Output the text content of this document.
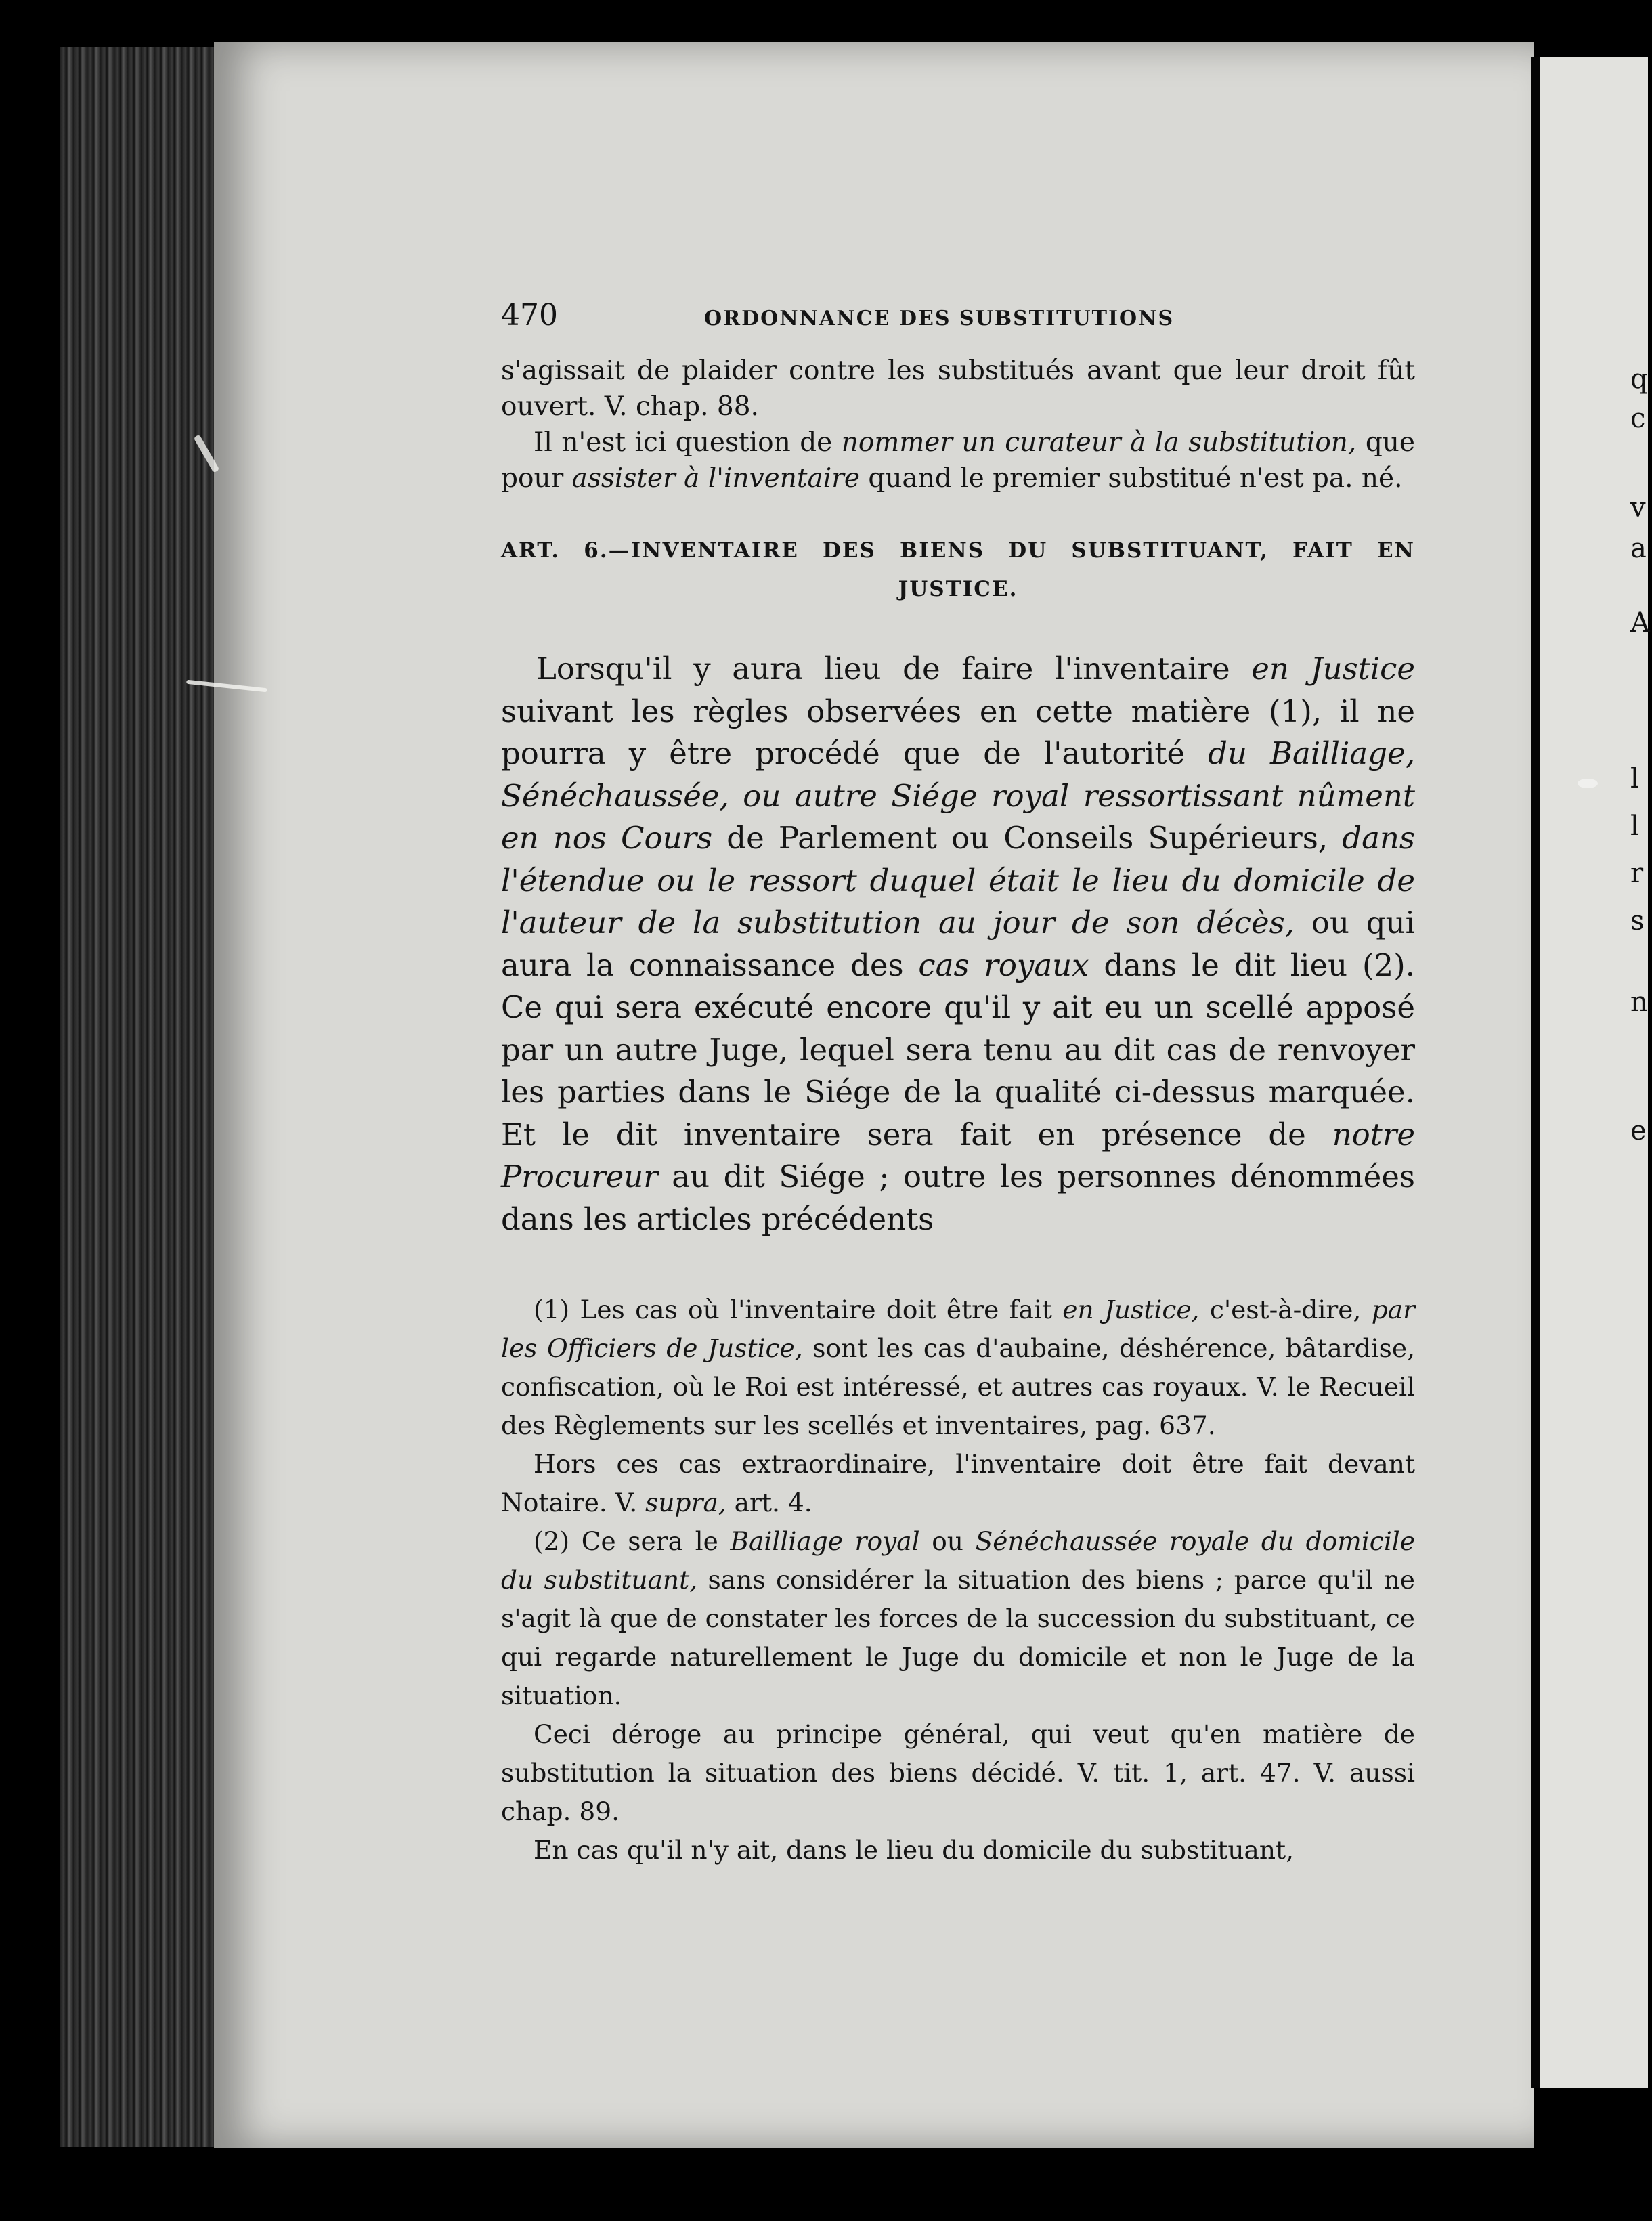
q
c
v
a
A
l
l
r
s
n
e
470	ORDONNANCE DES SUBSTITUTIONS

s'agissait de plaider contre les substitués avant que leur droit fût ouvert. V. chap. 88.

Il n'est ici question de nommer un curateur à la substitution, que pour assister à l'inventaire quand le premier substitué n'est pa. né.

ART. 6.—INVENTAIRE DES BIENS DU SUBSTITUANT, FAIT EN JUSTICE.

Lorsqu'il y aura lieu de faire l'inventaire en Justice suivant les règles observées en cette matière (1), il ne pourra y être procédé que de l'autorité du Bailliage, Sénéchaussée, ou autre Siége royal ressortissant nûment en nos Cours de Parlement ou Conseils Supérieurs, dans l'étendue ou le ressort duquel était le lieu du domicile de l'auteur de la substitution au jour de son décès, ou qui aura la connaissance des cas royaux dans le dit lieu (2). Ce qui sera exécuté encore qu'il y ait eu un scellé apposé par un autre Juge, lequel sera tenu au dit cas de renvoyer les parties dans le Siége de la qualité ci-dessus marquée. Et le dit inventaire sera fait en présence de notre Procureur au dit Siége ; outre les personnes dénommées dans les articles précédents

(1) Les cas où l'inventaire doit être fait en Justice, c'est-à-dire, par les Officiers de Justice, sont les cas d'aubaine, déshérence, bâtardise, confiscation, où le Roi est intéressé, et autres cas royaux. V. le Recueil des Règlements sur les scellés et inventaires, pag. 637.

Hors ces cas extraordinaire, l'inventaire doit être fait devant Notaire. V. supra, art. 4.

(2) Ce sera le Bailliage royal ou Sénéchaussée royale du domicile du substituant, sans considérer la situation des biens ; parce qu'il ne s'agit là que de constater les forces de la succession du substituant, ce qui regarde naturellement le Juge du domicile et non le Juge de la situation.

Ceci déroge au principe général, qui veut qu'en matière de substitution la situation des biens décidé. V. tit. 1, art. 47. V. aussi chap. 89.

En cas qu'il n'y ait, dans le lieu du domicile du substituant,
